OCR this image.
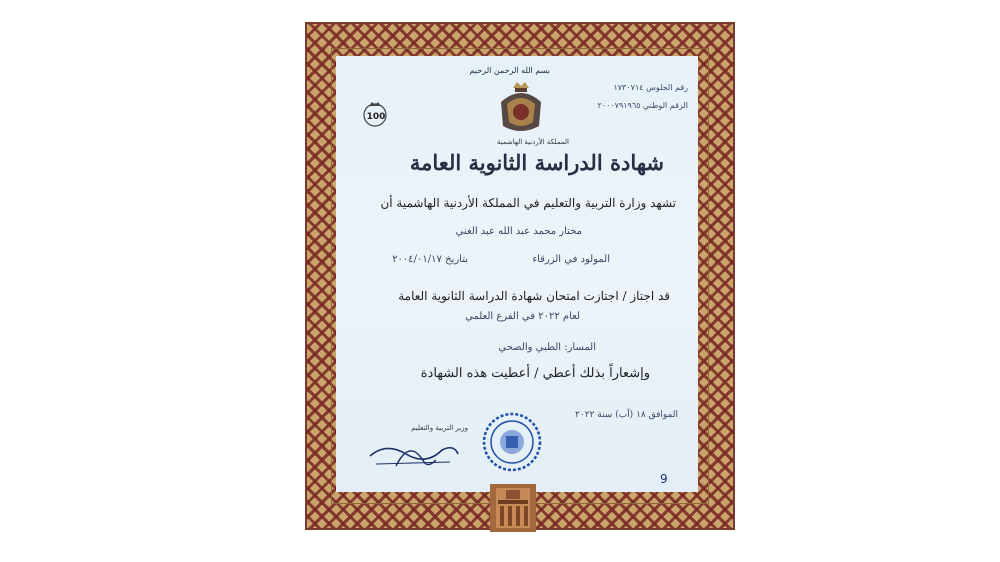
بسم الله الرحمن الرحيم
رقم الجلوس ١٧٣٠٧١٤
الرقم الوطني ٢٠٠٠٧٩١٩٦٥
المملكة الأردنية الهاشمية
100
شهادة الدراسة الثانوية العامة
تشهد وزارة التربية والتعليم في المملكة الأردنية الهاشمية أن
مختار محمد عبد الله عبد الغني
المولود في الزرقاء
بتاريخ ٢٠٠٤/٠١/١٧
قد اجتاز / اجتازت امتحان شهادة الدراسة الثانوية العامة
لعام ٢٠٢٢ في الفرع العلمي
المسار: الطبي والصحي
وإشعاراً بذلك أعطي / أعطيت هذه الشهادة
الموافق ١٨ (آب) سنة ٢٠٢٢
وزير التربية والتعليم
9
